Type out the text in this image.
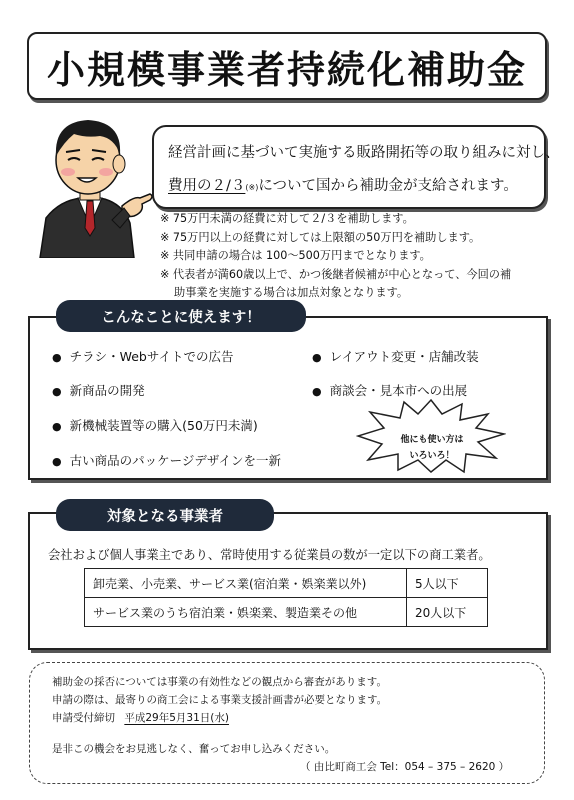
小規模事業者持続化補助金
経営計画に基づいて実施する販路開拓等の取り組みに対し、
費用の２/３(※)について国から補助金が支給されます。
※ 75万円未満の経費に対して２/３を補助します。
※ 75万円以上の経費に対しては上限額の50万円を補助します。
※ 共同申請の場合は 100～500万円までとなります。
※ 代表者が満60歳以上で、かつ後継者候補が中心となって、今回の補
助事業を実施する場合は加点対象となります。
こんなことに使えます！
● チラシ・Webサイトでの広告
● 新商品の開発
● 新機械装置等の購入(50万円未満)
● 古い商品のパッケージデザインを一新
● レイアウト変更・店舗改装
● 商談会・見本市への出展
他にも使い方は
いろいろ！
対象となる事業者
会社および個人事業主であり、常時使用する従業員の数が一定以下の商工業者。
卸売業、小売業、サービス業(宿泊業・娯楽業以外)	5人以下
サービス業のうち宿泊業・娯楽業、製造業その他	20人以下
補助金の採否については事業の有効性などの観点から審査があります。
申請の際は、最寄りの商工会による事業支援計画書が必要となります。
申請受付締切 平成29年5月31日(水)
是非この機会をお見逃しなく、奮ってお申し込みください。
（ 由比町商工会 Tel：054 – 375 – 2620 ）
